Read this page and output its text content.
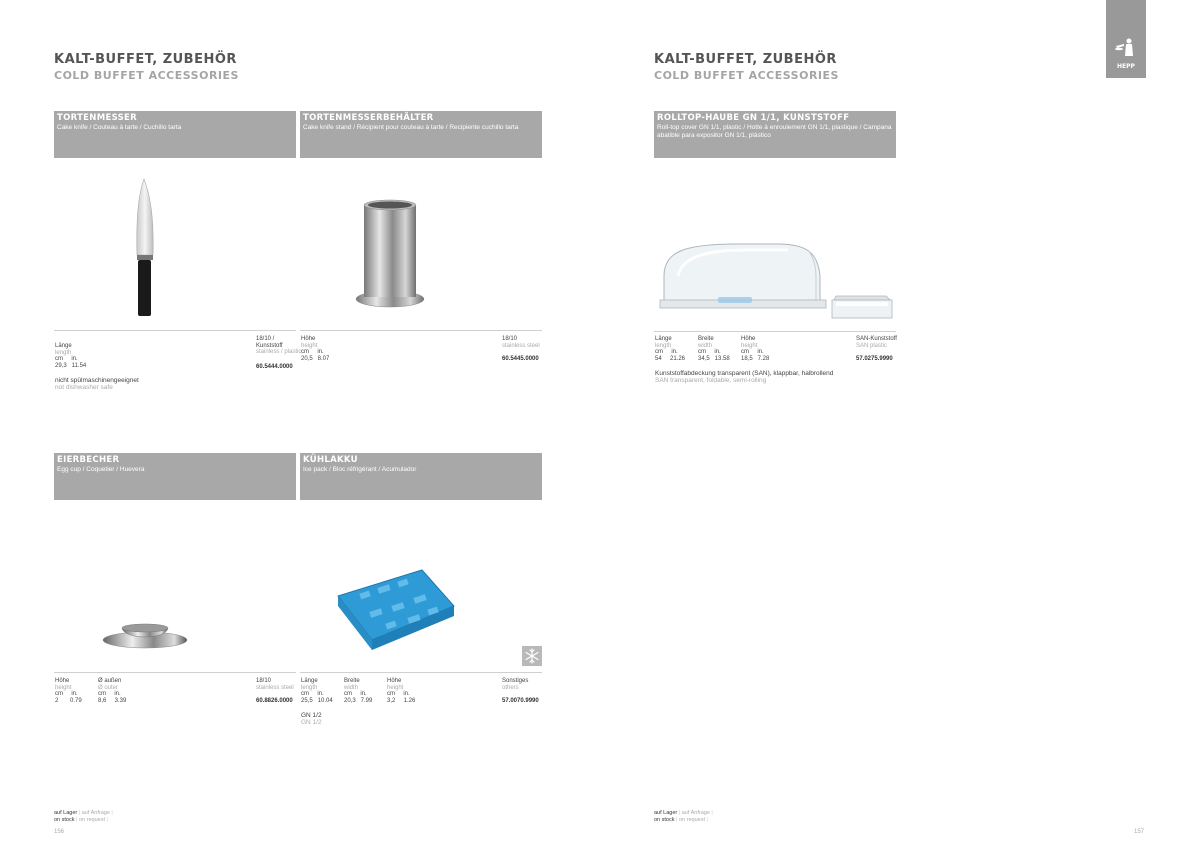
KALT-BUFFET, ZUBEHÖR
COLD BUFFET ACCESSORIES
TORTENMESSER
Cake knife / Couteau à tarte / Cuchillo tarta
Länge
length
cm     in.
29,3   11.54
18/10 /
Kunststoff
stainless / plastic
60.5444.0000
nicht spülmaschinengeeignet
not dishwasher safe
TORTENMESSERBEHÄLTER
Cake knife stand / Récipient pour couteau à tarte / Recipiente cuchillo tarta
Höhe
height
cm     in.
20,5   8.07
18/10
stainless steel
60.5445.0000
EIERBECHER
Egg cup / Coquetier / Huevera
Höhe
height
cm     in.
2       0.79
Ø außen
Ø outer
cm     in.
8,6     3.39
18/10
stainless steel
60.8826.0000
KÜHLAKKU
Ice pack / Bloc réfrigérant / Acumulador
Länge
length
cm     in.
25,5   10.04
Breite
width
cm     in.
20,3   7.99
Höhe
height
cm     in.
3,2     1.26
Sonstiges
others
57.0070.9990
GN 1/2
GN 1/2
auf Lager | auf Anfrage |
on stock | on request |
156
KALT-BUFFET, ZUBEHÖR
COLD BUFFET ACCESSORIES
HEPP
ROLLTOP-HAUBE GN 1/1, KUNSTSTOFF
Roll-top cover GN 1/1, plastic / Hotte à enroulement GN 1/1, plastique / Campana abatible para expositor GN 1/1, plástico
Länge
length
cm     in.
54     21.26
Breite
width
cm     in.
34,5   13.58
Höhe
height
cm     in.
18,5   7.28
SAN-Kunststoff
SAN plastic
57.0275.9990
Kunststoffabdeckung transparent (SAN), klappbar, halbrollend
SAN transparent, foldable, semi-rolling
auf Lager | auf Anfrage |
on stock | on request |
157
